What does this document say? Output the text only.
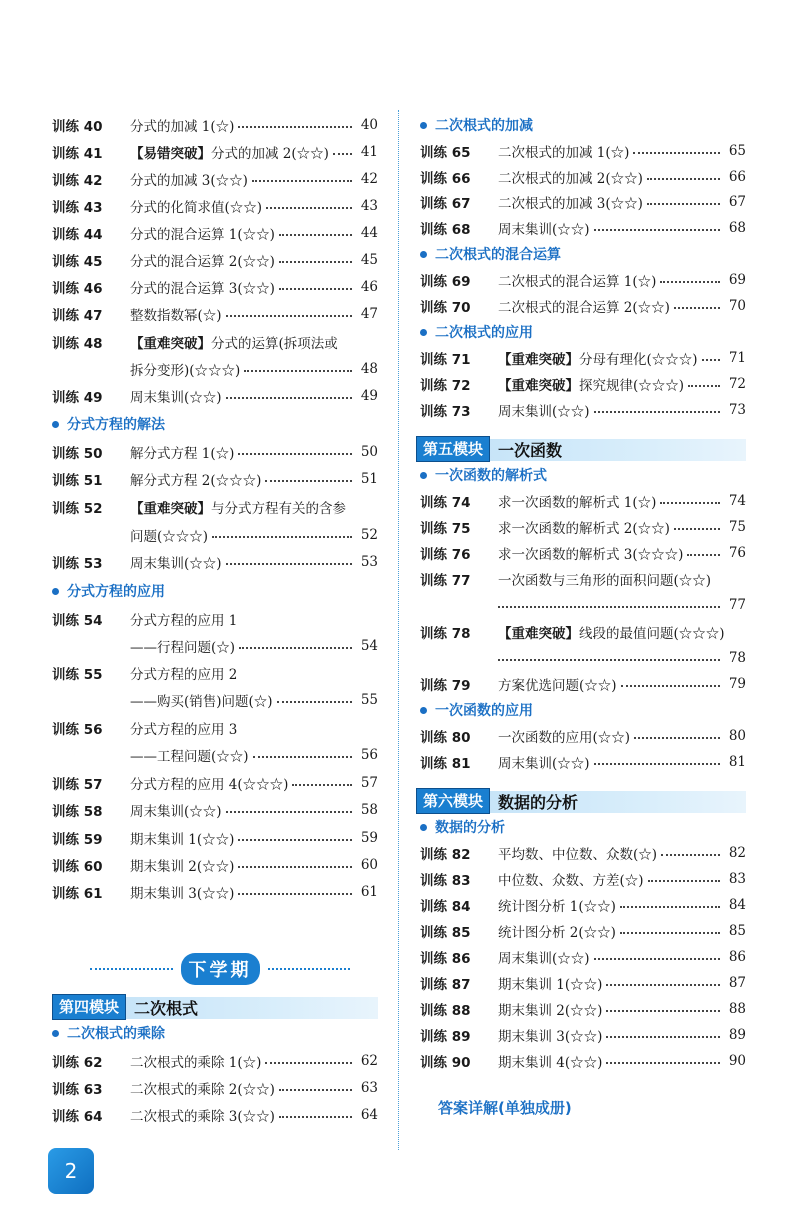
训练 40	分式的加减 1(☆)	40
训练 41	【易错突破】分式的加减 2(☆☆)	41
训练 42	分式的加减 3(☆☆)	42
训练 43	分式的化简求值(☆☆)	43
训练 44	分式的混合运算 1(☆☆)	44
训练 45	分式的混合运算 2(☆☆)	45
训练 46	分式的混合运算 3(☆☆)	46
训练 47	整数指数幂(☆)	47
训练 48	【重难突破】分式的运算(拆项法或
拆分变形)(☆☆☆)	48
训练 49	周末集训(☆☆)	49
分式方程的解法
训练 50	解分式方程 1(☆)	50
训练 51	解分式方程 2(☆☆☆)	51
训练 52	【重难突破】与分式方程有关的含参
问题(☆☆☆)	52
训练 53	周末集训(☆☆)	53
分式方程的应用
训练 54	分式方程的应用 1
——行程问题(☆)	54
训练 55	分式方程的应用 2
——购买(销售)问题(☆)	55
训练 56	分式方程的应用 3
——工程问题(☆☆)	56
训练 57	分式方程的应用 4(☆☆☆)	57
训练 58	周末集训(☆☆)	58
训练 59	期末集训 1(☆☆)	59
训练 60	期末集训 2(☆☆)	60
训练 61	期末集训 3(☆☆)	61
第四模块 二次根式
二次根式的乘除
训练 62	二次根式的乘除 1(☆)	62
训练 63	二次根式的乘除 2(☆☆)	63
训练 64	二次根式的乘除 3(☆☆)	64
下学期
二次根式的加减
训练 65	二次根式的加减 1(☆)	65
训练 66	二次根式的加减 2(☆☆)	66
训练 67	二次根式的加减 3(☆☆)	67
训练 68	周末集训(☆☆)	68
二次根式的混合运算
训练 69	二次根式的混合运算 1(☆)	69
训练 70	二次根式的混合运算 2(☆☆)	70
二次根式的应用
训练 71	【重难突破】分母有理化(☆☆☆)	71
训练 72	【重难突破】探究规律(☆☆☆)	72
训练 73	周末集训(☆☆)	73
第五模块 一次函数
一次函数的解析式
训练 74	求一次函数的解析式 1(☆)	74
训练 75	求一次函数的解析式 2(☆☆)	75
训练 76	求一次函数的解析式 3(☆☆☆)	76
训练 77	一次函数与三角形的面积问题(☆☆)
77
训练 78	【重难突破】线段的最值问题(☆☆☆)
78
训练 79	方案优选问题(☆☆)	79
一次函数的应用
训练 80	一次函数的应用(☆☆)	80
训练 81	周末集训(☆☆)	81
第六模块 数据的分析
数据的分析
训练 82	平均数、中位数、众数(☆)	82
训练 83	中位数、众数、方差(☆)	83
训练 84	统计图分析 1(☆☆)	84
训练 85	统计图分析 2(☆☆)	85
训练 86	周末集训(☆☆)	86
训练 87	期末集训 1(☆☆)	87
训练 88	期末集训 2(☆☆)	88
训练 89	期末集训 3(☆☆)	89
训练 90	期末集训 4(☆☆)	90
答案详解(单独成册)
2
